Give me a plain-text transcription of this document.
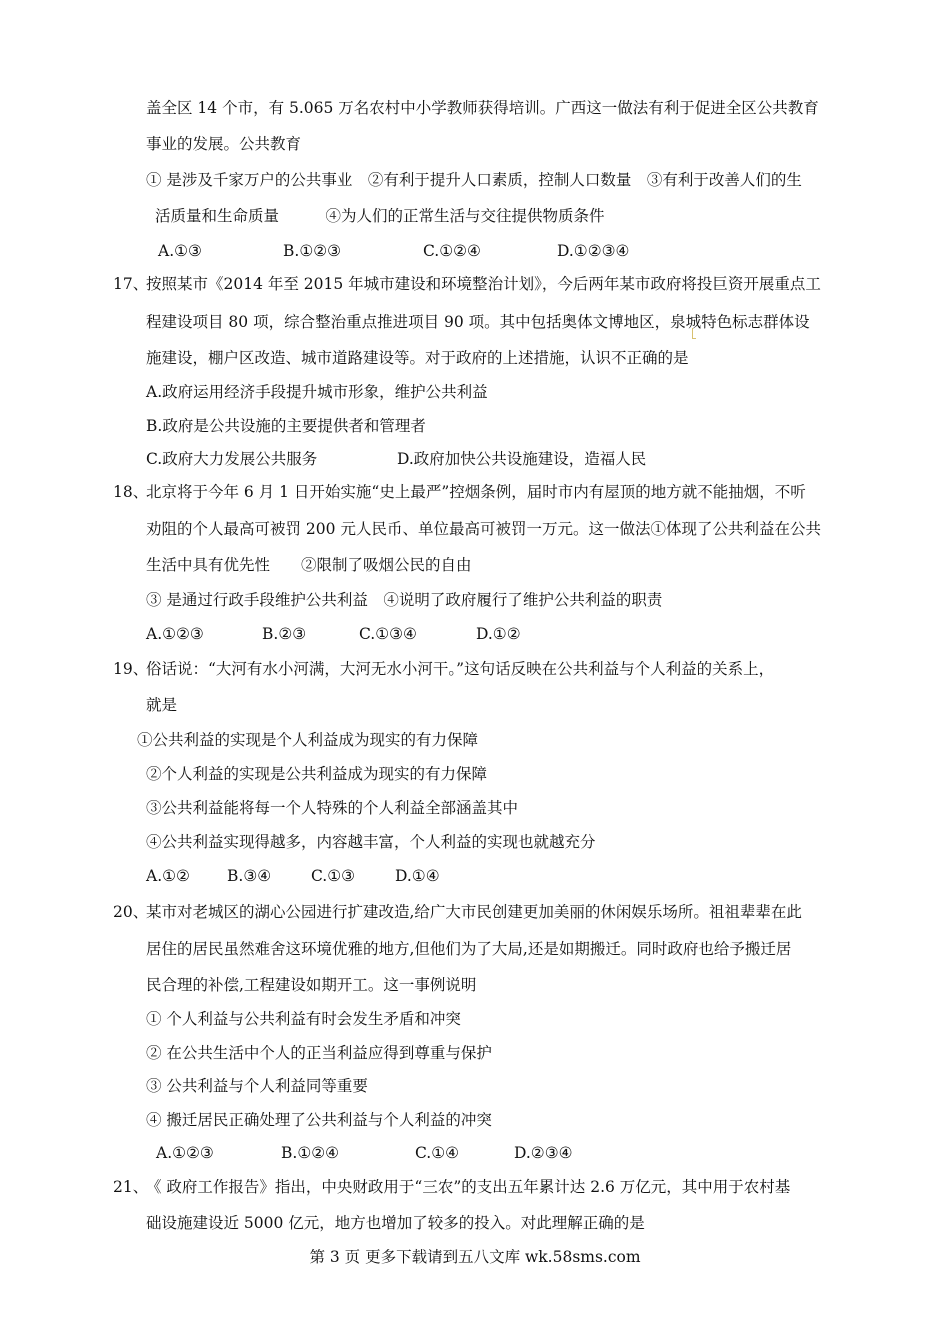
盖全区 14 个市，有 5.065 万名农村中小学教师获得培训。广西这一做法有利于促进全区公共教育
事业的发展。公共教育
① 是涉及千家万户的公共事业　②有利于提升人口素质，控制人口数量　③有利于改善人们的生
活质量和生命质量　　　④为人们的正常生活与交往提供物质条件
A.①③	B.①②③	C.①②④	D.①②③④
17、
按照某市《2014 年至 2015 年城市建设和环境整治计划》，今后两年某市政府将投巨资开展重点工
程建设项目 80 项，综合整治重点推进项目 90 项。其中包括奥体文博地区，泉城特色标志群体设
施建设，棚户区改造、城市道路建设等。对于政府的上述措施，认识不正确的是
A.政府运用经济手段提升城市形象，维护公共利益
B.政府是公共设施的主要提供者和管理者
C.政府大力发展公共服务	D.政府加快公共设施建设，造福人民
18、
北京将于今年 6 月 1 日开始实施“史上最严”控烟条例，届时市内有屋顶的地方就不能抽烟，不听
劝阻的个人最高可被罚 200 元人民币、单位最高可被罚一万元。这一做法①体现了公共利益在公共
生活中具有优先性　　②限制了吸烟公民的自由
③ 是通过行政手段维护公共利益　④说明了政府履行了维护公共利益的职责
A.①②③	B.②③	C.①③④	D.①②
19、
俗话说：“大河有水小河满，大河无水小河干。”这句话反映在公共利益与个人利益的关系上，
就是
①公共利益的实现是个人利益成为现实的有力保障
②个人利益的实现是公共利益成为现实的有力保障
③公共利益能将每一个人特殊的个人利益全部涵盖其中
④公共利益实现得越多，内容越丰富，个人利益的实现也就越充分
A.①② B.③④	C.①③	D.①④
20、
某市对老城区的湖心公园进行扩建改造,给广大市民创建更加美丽的休闲娱乐场所。祖祖辈辈在此
居住的居民虽然难舍这环境优雅的地方,但他们为了大局,还是如期搬迁。同时政府也给予搬迁居
民合理的补偿,工程建设如期开工。这一事例说明
① 个人利益与公共利益有时会发生矛盾和冲突
② 在公共生活中个人的正当利益应得到尊重与保护
③ 公共利益与个人利益同等重要
④ 搬迁居民正确处理了公共利益与个人利益的冲突
A.①②③	B.①②④	C.①④	D.②③④
21、
《 政府工作报告》指出，中央财政用于“三农”的支出五年累计达 2.6 万亿元，其中用于农村基
础设施建设近 5000 亿元，地方也增加了较多的投入。对此理解正确的是
第 3 页 更多下载请到五八文库 wk.58sms.com
